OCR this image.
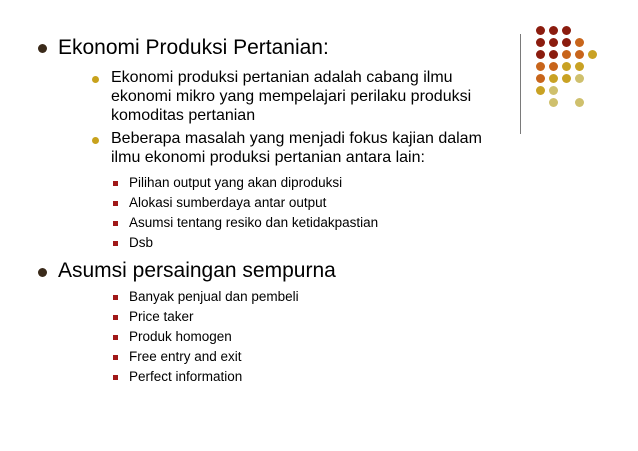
Ekonomi Produksi Pertanian:
Ekonomi produksi pertanian adalah cabang ilmu
ekonomi mikro yang mempelajari perilaku produksi
komoditas pertanian
Beberapa masalah yang menjadi fokus kajian dalam
ilmu ekonomi produksi pertanian antara lain:
Pilihan output yang akan diproduksi
Alokasi sumberdaya antar output
Asumsi tentang resiko dan ketidakpastian
Dsb
Asumsi persaingan sempurna
Banyak penjual dan pembeli
Price taker
Produk homogen
Free entry and exit
Perfect information
